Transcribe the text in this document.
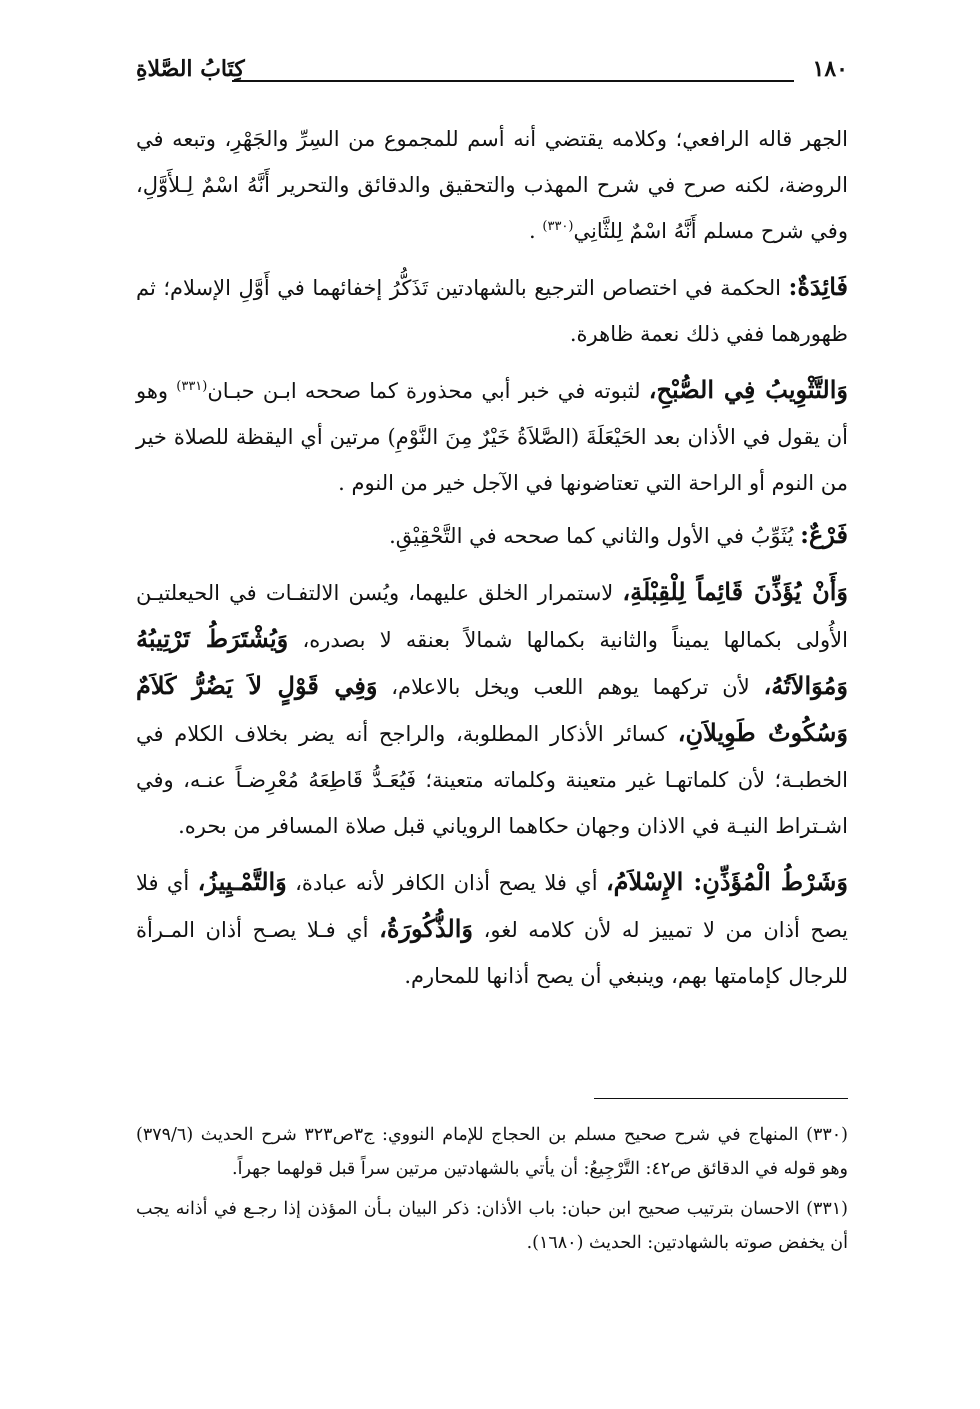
١٨٠
كِتَابُ الصَّلاةِ

الجهر قاله الرافعي؛ وكلامه يقتضي أنه أسم للمجموع من السِرِّ والجَهْرِ، وتبعه في الروضة، لكنه صرح في شرح المهذب والتحقيق والدقائق والتحرير أَنَّهُ اسْمٌ لِـلأَوَّلِ، وفي شرح مسلم أَنَّهُ اسْمٌ لِلثَّانِي$^{(٣٣٠)}$ .

فَائِدَةٌ: الحكمة في اختصاص الترجيع بالشهادتين تَذَكُّرُ إخفائهما في أَوَّلِ الإسلام؛ ثم ظهورهما ففي ذلك نعمة ظاهرة.

وَالتَّثْوِيبُ فِي الصُّبْحِ، لثبوته في خبر أبي محذورة كما صححه ابـن حبـان$^{(٣٣١)}$ وهو أن يقول في الأذان بعد الحَيْعَلَةَ (الصَّلاَةُ خَيْرٌ مِنَ النَّوْمِ) مرتين أي اليقظة للصلاة خير من النوم أو الراحة التي تعتاضونها في الآجل خير من النوم .

فَرْعٌ: يُثَوِّبُ في الأول والثاني كما صححه في التَّحْقِيْقِ.

وَأَنْ يُؤَذِّنَ قَائِماً لِلْقِبْلَةِ، لاستمرار الخلق عليهما، ويُسن الالتفـات في الحيعلتيـن الأُولى بكمالها يميناً والثانية بكمالها شمالاً بعنقه لا بصدره، وَيُشْتَرَطُ تَرْتِيبُهُ وَمُوَالاَتُهُ، لأن تركهما يوهم اللعب ويخل بالاعلام، وَفِي قَوْلٍ لاَ يَضُرُّ كَلاَمٌ وَسُكُوتٌ طَوِيلاَنِ، كسائر الأذكار المطلوبة، والراجح أنه يضر بخلاف الكلام في الخطبـة؛ لأن كلماتهـا غير متعينة وكلماته متعينة؛ فَيُعَـدُّ قَاطِعَهُ مُعْرِضـاً عنـه، وفي اشـتراط النيـة في الاذان وجهان حكاهما الروياني قبل صلاة المسافر من بحره.

وَشَرْطُ الْمُؤَذِّنِ: الإِسْلاَمُ، أي فلا يصح أذان الكافر لأنه عبادة، وَالتَّمْـيِيزُ، أي فلا يصح أذان من لا تمييز له لأن كلامه لغو، وَالذُّكُورَةُ، أي فـلا يصـح أذان المـرأة للرجال كإمامتها بهم، وينبغي أن يصح أذانها للمحارم.

(٣٣٠) المنهاج في شرح صحيح مسلم بن الحجاج للإمام النووي: ج٣ص٣٢٣ شرح الحديث (٣٧٩/٦) وهو قوله في الدقائق ص٤٢: التَّرْجِيعُ: أن يأتي بالشهادتين مرتين سراً قبل قولهما جهراً.

(٣٣١) الاحسان بترتيب صحيح ابن حبان: باب الأذان: ذكر البيان بـأن المؤذن إذا رجـع في أذانه يجب أن يخفض صوته بالشهادتين: الحديث (١٦٨٠).
